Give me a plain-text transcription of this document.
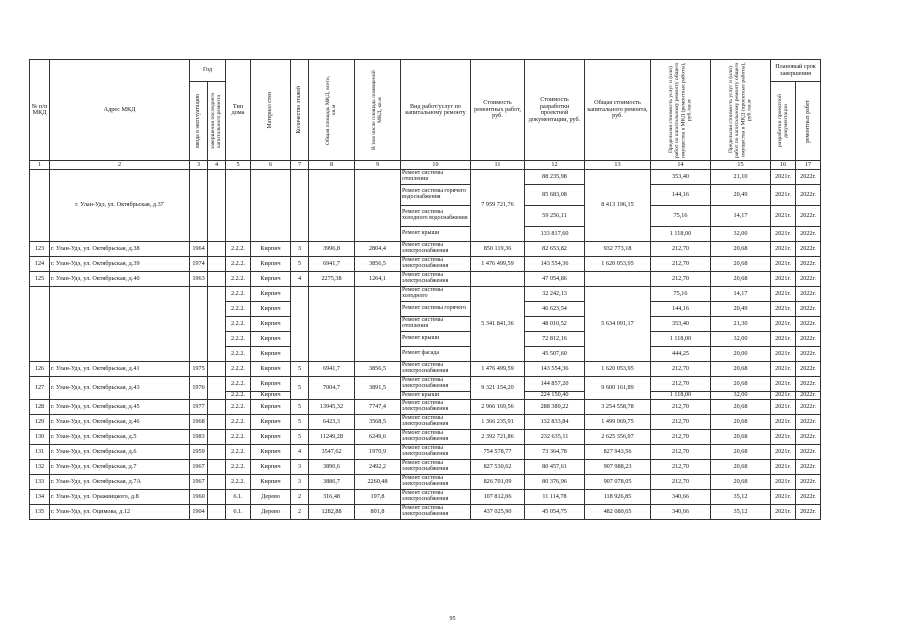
№ п/п МКД	Адрес МКД	Год		Тип дома	Материал стен	Количество этажей	Общая площадь МКД, всего, кв.м	В том числе площадь помещений МКД, кв.м	Вид работ/услуг по капитальному ремонту	Стоимость ремонтных работ, руб.	Стоимость разработки проектной документации, руб.	Общая стоимость капитального ремонта, руб.	Предельная стоимость услуг и (или) работ по капитальному ремонту общего имущества в МКД (ремонтные работы), руб./кв.м	Предельная стоимость услуг и (или) работ по капитальному ремонту общего имущества в МКД (проектные работы), руб./кв.м	Плановый срок завершения	

		ввода в эксплуатацию	завершения последнего капитального ремонта												разработки проектной документации	ремонтных работ

1	2	3	4	5	6	7	8	9	10	11	12	13	14	15	16	17
	г. Улан-Удэ, ул. Октябрьская, д.37								Ремонт системы отопления	7 959 721,76	88 235,98	8 413 196,15	353,40	21,10	2021г.	2022г.
									Ремонт системы горячего водоснабжения		85 683,08		144,16	20,49	2021г.	2022г.
									Ремонт системы холодного водоснабжения		59 256,11		75,16	14,17	2021г.	2022г.
									Ремонт крыши		133 817,60		1 118,00	32,00	2021г.	2022г.
123	г. Улан-Удэ, ул. Октябрьская, д.38	1964		2.2.2.	Кирпич	3	3996,8	2804,4	Ремонт системы электроснабжения	850 119,36	82 653,82	932 773,18	212,70	20,68	2021г.	2022г.
124	г. Улан-Удэ, ул. Октябрьская, д.39	1974		2.2.2.	Кирпич	5	6941,7	3856,5	Ремонт системы электроснабжения	1 476 499,59	143 554,36	1 620 053,95	212,70	20,68	2021г.	2022г.
125	г. Улан-Удэ, ул. Октябрьская, д.40	1963		2.2.2.	Кирпич	4	2275,38	1264,1	Ремонт системы электроснабжения		47 054,86		212,70	20,68	2021г.	2022г.
				2.2.2.	Кирпич				Ремонт системы холодного	5 341 841,36	32 242,13	5 634 091,17	75,16	14,17	2021г.	2022г.
				2.2.2.	Кирпич				Ремонт системы горячего		46 623,54		144,16	20,49	2021г.	2022г.
				2.2.2.	Кирпич				Ремонт системы отопления		48 010,52		353,40	21,30	2021г.	2022г.
				2.2.2.	Кирпич				Ремонт крыши		72 812,16		1 118,00	32,00	2021г.	2022г.
				2.2.2.	Кирпич				Ремонт фасада		45 507,60		444,25	20,00	2021г.	2022г.
126	г. Улан-Удэ, ул. Октябрьская, д.41	1975		2.2.2.	Кирпич	5	6941,7	3856,5	Ремонт системы электроснабжения	1 476 499,59	143 554,36	1 620 053,95	212,70	20,68	2021г.	2022г.
127	г. Улан-Удэ, ул. Октябрьская, д.43	1976		2.2.2.	Кирпич	5	7004,7	3891,5	Ремонт системы электроснабжения	9 321 154,20	144 857,20	9 600 161,89	212,70	20,68	2021г.	2022г.
				2.2.2.	Кирпич				Ремонт крыши		224 150,40		1 118,00	32,00	2021г.	2022г.
128	г. Улан-Удэ, ул. Октябрьская, д.45	1977		2.2.2.	Кирпич	5	13945,32	7747,4	Ремонт системы электроснабжения	2 966 169,56	288 389,22	3 254 558,78	212,70	20,68	2021г.	2022г.
129	г. Улан-Удэ, ул. Октябрьская, д.46	1968		2.2.2.	Кирпич	5	6423,3	3568,5	Ремонт системы электроснабжения	1 366 235,91	132 833,84	1 499 069,75	212,70	20,68	2021г.	2022г.
130	г. Улан-Удэ, ул. Октябрьская, д.5	1983		2.2.2.	Кирпич	5	11249,28	6249,6	Ремонт системы электроснабжения	2 392 721,86	232 635,11	2 625 356,97	212,70	20,68	2021г.	2022г.
131	г. Улан-Удэ, ул. Октябрьская, д.6	1959		2.2.2.	Кирпич	4	3547,62	1970,9	Ремонт системы электроснабжения	754 578,77	73 364,78	827 943,56	212,70	20,68	2021г.	2022г.
132	г. Улан-Удэ, ул. Октябрьская, д.7	1967		2.2.2.	Кирпич	3	3890,6	2492,2	Ремонт системы электроснабжения	827 530,62	80 457,61	907 988,23	212,70	20,68	2021г.	2022г.
133	г. Улан-Удэ, ул. Октябрьская, д.7А	1967		2.2.2.	Кирпич	3	3886,7	2260,48	Ремонт системы электроснабжения	826 701,09	80 376,96	907 078,05	212,70	20,68	2021г.	2022г.
134	г. Улан-Удэ, ул. Оражвицкого, д.8	1960		6.1.	Дерево	2	316,48	197,8	Ремонт системы электроснабжения	107 812,06	11 114,78	118 926,85	340,66	35,12	2021г.	2022г.
135	г. Улан-Удэ, ул. Оцимова, д.12	1904		6.1.	Дерево	2	1282,88	801,8	Ремонт системы электроснабжения	437 025,90	45 054,75	482 080,65	340,66	35,12	2021г.	2022г.
95
